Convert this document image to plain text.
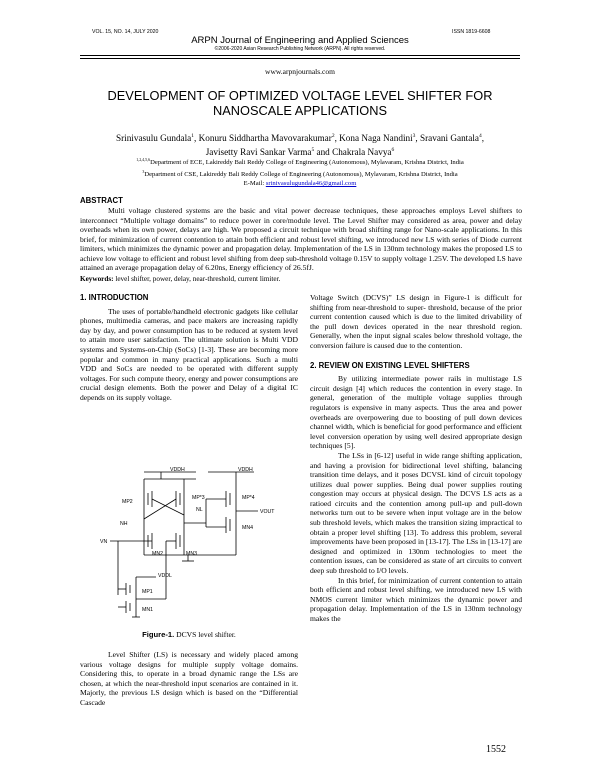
VOL. 15, NO. 14, JULY 2020	ISSN 1819-6608
ARPN Journal of Engineering and Applied Sciences
©2006-2020 Asian Research Publishing Network (ARPN). All rights reserved.
www.arpnjournals.com
DEVELOPMENT OF OPTIMIZED VOLTAGE LEVEL SHIFTER FOR
NANOSCALE APPLICATIONS
Srinivasulu Gundala$^1$, Konuru Siddhartha Mavovarakumar$^2$, Kona Naga Nandini$^3$, Sravani Gantala$^4$,
Javisetty Ravi Sankar Varma$^5$ and Chakrala Navya$^6$
$^{1,2,4,5,6}$Department of ECE, Lakireddy Bali Reddy College of Engineering (Autonomous), Mylavaram, Krishna District, India
$^3$Department of CSE, Lakireddy Bali Reddy College of Engineering (Autonomous), Mylavaram, Krishna District, India
E-Mail: srinivasulugundala46@gmail.com
ABSTRACT

Multi voltage clustered systems are the basic and vital power decrease techniques, these approaches employs Level shifters to interconnect “Multiple voltage domains” to reduce power in core/module level. The Level Shifter may considered as area, power and delay overheads when its own power, delays are high. We proposed a circuit technique with broad shifting range for Nano-scale applications. In this brief, for minimization of current contention to attain both efficient and robust level shifting, we introduced new LS with series of Diode current limiters, which minimizes the dynamic power and propagation delay. Implementation of the LS in 130nm technology makes the proposed LS to achieve low voltage to efficient and robust level shifting from deep sub-threshold voltage 0.15V to supply voltage 1.25V. The developed LS have attained an average propagation delay of 6.20ns, Energy efficiency of 26.5fJ.

Keywords: level shifter, power, delay, near-threshold, current limiter.
1. INTRODUCTION

The uses of portable/handheld electronic gadgets like cellular phones, multimedia cameras, and pace makers are increasing rapidly day by day, and power consumption has to be reduced at system level to attain more user satisfaction. The ultimate solution is Multi VDD systems and Systems-on-Chip (SoCs) [1-3]. These are becoming more popular and common in many practical applications. Such a multi VDD and SoCs are needed to be operated with different supply voltages. For such compute theory, energy and power consumptions are crucial design elements. Both the power and Delay of a digital IC depends on its supply voltage.

VDDH	VDDH
MP2
MP*3
NL
NH
MP*4
MN4
VOUT
MN2	MN3
VN
VDDL
MP1
MN1
Figure-1. DCVS level shifter.

Level Shifter (LS) is necessary and widely placed among various voltage designs for multiple supply voltage domains. Considering this, to operate in a broad dynamic range the LSs are chosen, at which the near-threshold input scenarios are contained in it. Majorly, the previous LS design which is based on the “Differential Cascade

Voltage Switch (DCVS)” LS design in Figure-1 is difficult for shifting from near-threshold to super- threshold, because of the prior current contention caused which is due to the limited drivability of the pull down devices operated in the near threshold region. Generally, when the input signal scales below threshold voltage, the conversion failure is caused due to the contention.

2. REVIEW ON EXISTING LEVEL SHIFTERS

By utilizing intermediate power rails in multistage LS circuit design [4] which reduces the contention in every stage. In general, generation of the multiple voltage supplies through regulators is expensive in many aspects. Thus the area and power overheads are overpowering due to boosting of pull down devices channel width, which is beneficial for good performance and efficient level conversion operation by using well desired appropriate design techniques [5].

The LSs in [6-12] useful in wide range shifting application, and having a provision for bidirectional level shifting, balancing transition time delays, and it poses DCVSL kind of circuit topology utilizes dual power supplies. Being dual power supplies routing congestion may occurs at physical design. The DCVS LS acts as a ratioed circuits and the contention among pull-up and pull-down networks turn out to be severe when input voltage are in the below sub threshold levels, which makes the transition sizing impractical to obtain a proper level shifting [13]. To address this problem, several improvements have been proposed in [13-17]. The LSs in [13-17] are designed and optimized in 130nm technologies to meet the contention issues, can be considered as state of art circuits to convert deep sub threshold to I/O levels.

In this brief, for minimization of current contention to attain both efficient and robust level shifting, we introduced new LS with NMOS current limiter which minimizes the dynamic power and propagation delay. Implementation of the LS in 130nm technology makes the

1552
